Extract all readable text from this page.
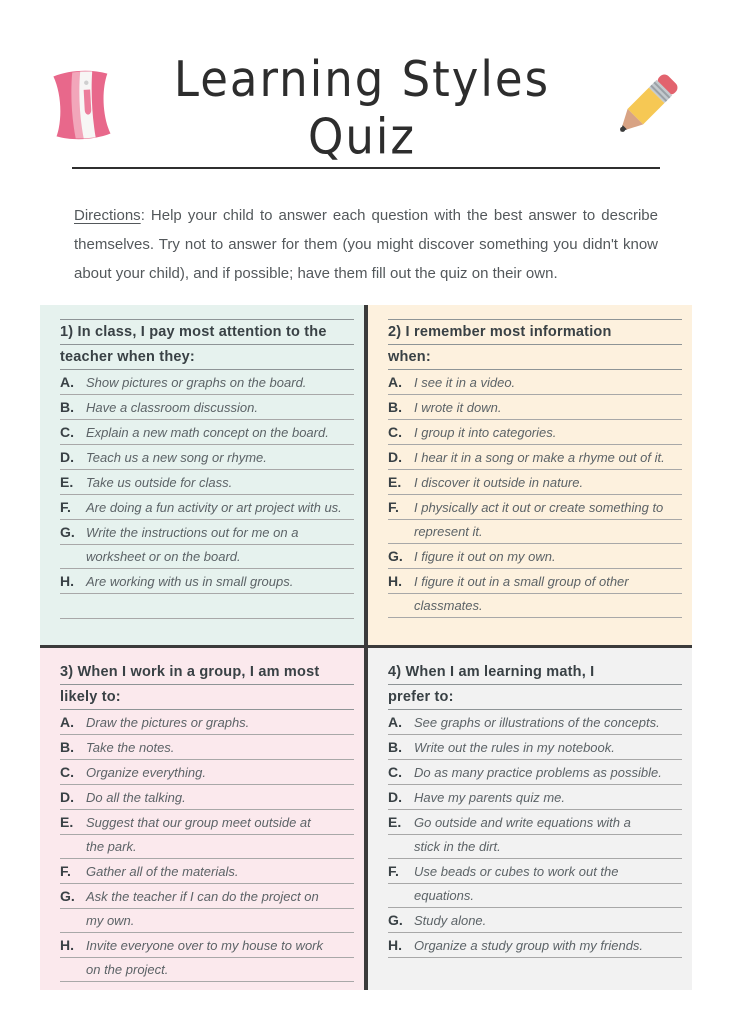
Learning Styles Quiz

Directions: Help your child to answer each question with the best answer to describe themselves. Try not to answer for them (you might discover something you didn't know about your child), and if possible; have them fill out the quiz on their own.

1) In class, I pay most attention to the
teacher when they:
A. Show pictures or graphs on the board.
B. Have a classroom discussion.
C. Explain a new math concept on the board.
D. Teach us a new song or rhyme.
E. Take us outside for class.
F. Are doing a fun activity or art project with us.
G. Write the instructions out for me on a
worksheet or on the board.
H. Are working with us in small groups.
2) I remember most information
when:
A. I see it in a video.
B. I wrote it down.
C. I group it into categories.
D. I hear it in a song or make a rhyme out of it.
E. I discover it outside in nature.
F. I physically act it out or create something to
represent it.
G. I figure it out on my own.
H. I figure it out in a small group of other
classmates.
3) When I work in a group, I am most
likely to:
A. Draw the pictures or graphs.
B. Take the notes.
C. Organize everything.
D. Do all the talking.
E. Suggest that our group meet outside at
the park.
F. Gather all of the materials.
G. Ask the teacher if I can do the project on
my own.
H. Invite everyone over to my house to work
on the project.
4) When I am learning math, I
prefer to:
A. See graphs or illustrations of the concepts.
B. Write out the rules in my notebook.
C. Do as many practice problems as possible.
D. Have my parents quiz me.
E. Go outside and write equations with a
stick in the dirt.
F. Use beads or cubes to work out the
equations.
G. Study alone.
H. Organize a study group with my friends.
